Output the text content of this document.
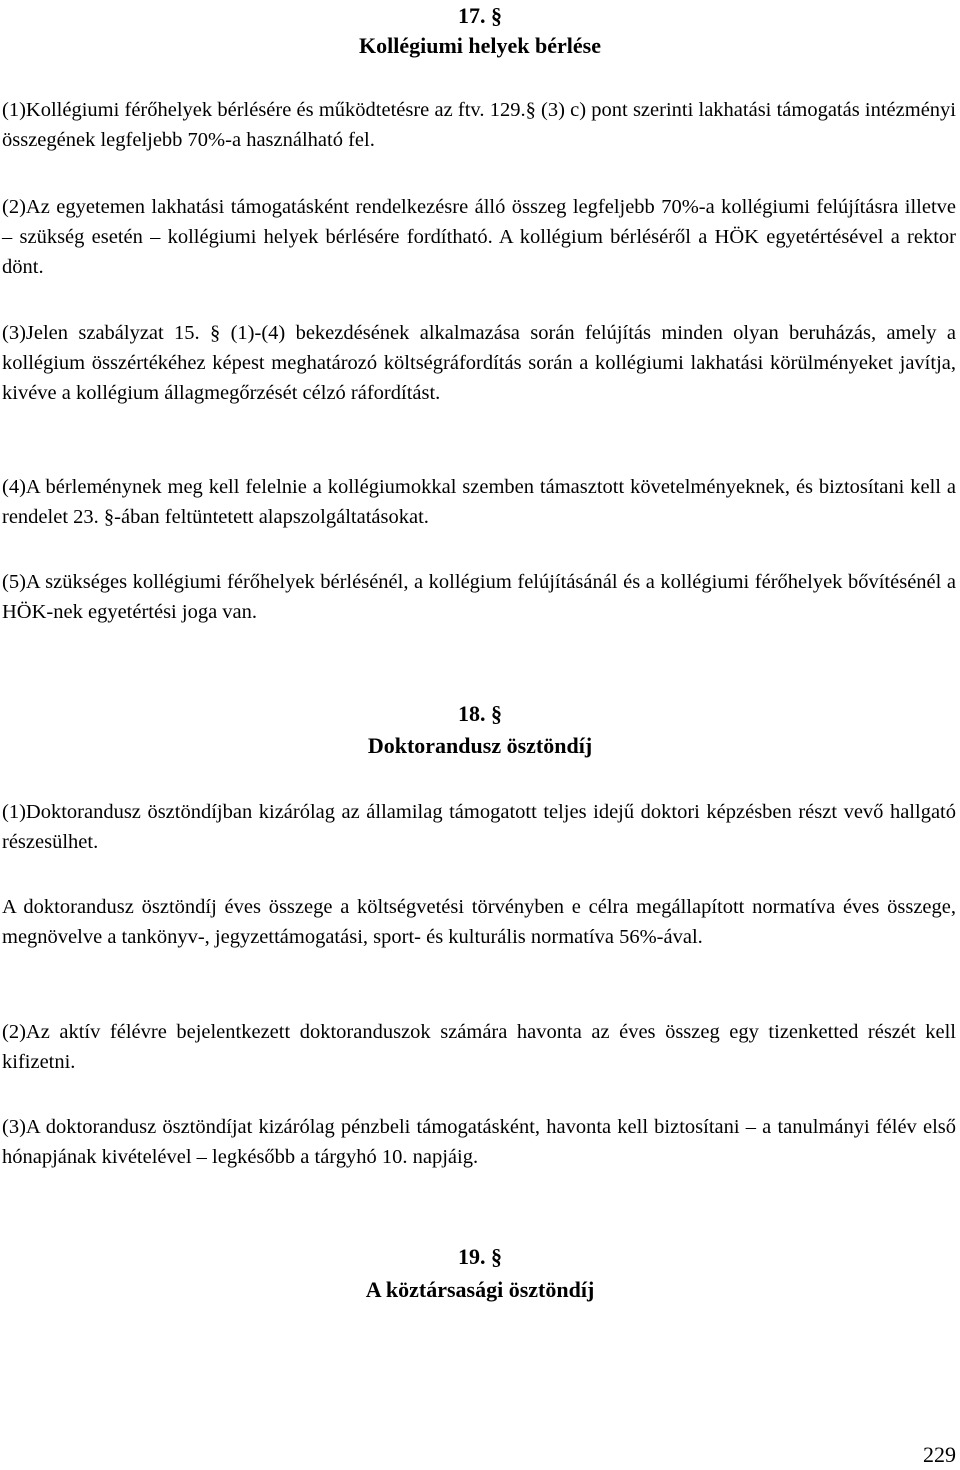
17. §
Kollégiumi helyek bérlése

(1)Kollégiumi férőhelyek bérlésére és működtetésre az ftv. 129.§ (3) c) pont szerinti lakhatási támogatás intézményi összegének legfeljebb 70%-a használható fel.

(2)Az egyetemen lakhatási támogatásként rendelkezésre álló összeg legfeljebb 70%-a kollégiumi felújításra illetve – szükség esetén – kollégiumi helyek bérlésére fordítható. A kollégium bérléséről a HÖK egyetértésével a rektor dönt.

(3)Jelen szabályzat 15. § (1)-(4) bekezdésének alkalmazása során felújítás minden olyan beruházás, amely a kollégium összértékéhez képest meghatározó költségráfordítás során a kollégiumi lakhatási körülményeket javítja, kivéve a kollégium állagmegőrzését célzó ráfordítást.

(4)A bérleménynek meg kell felelnie a kollégiumokkal szemben támasztott követelményeknek, és biztosítani kell a rendelet 23. §-ában feltüntetett alapszolgáltatásokat.

(5)A szükséges kollégiumi férőhelyek bérlésénél, a kollégium felújításánál és a kollégiumi férőhelyek bővítésénél a HÖK-nek egyetértési joga van.

18. §
Doktorandusz ösztöndíj

(1)Doktorandusz ösztöndíjban kizárólag az államilag támogatott teljes idejű doktori képzésben részt vevő hallgató részesülhet.

A doktorandusz ösztöndíj éves összege a költségvetési törvényben e célra megállapított normatíva éves összege, megnövelve a tankönyv-, jegyzettámogatási, sport- és kulturális normatíva 56%-ával.

(2)Az aktív félévre bejelentkezett doktoranduszok számára havonta az éves összeg egy tizenketted részét kell kifizetni.

(3)A doktorandusz ösztöndíjat kizárólag pénzbeli támogatásként, havonta kell biztosítani – a tanulmányi félév első hónapjának kivételével – legkésőbb a tárgyhó 10. napjáig.

19. §
A köztársasági ösztöndíj
229
